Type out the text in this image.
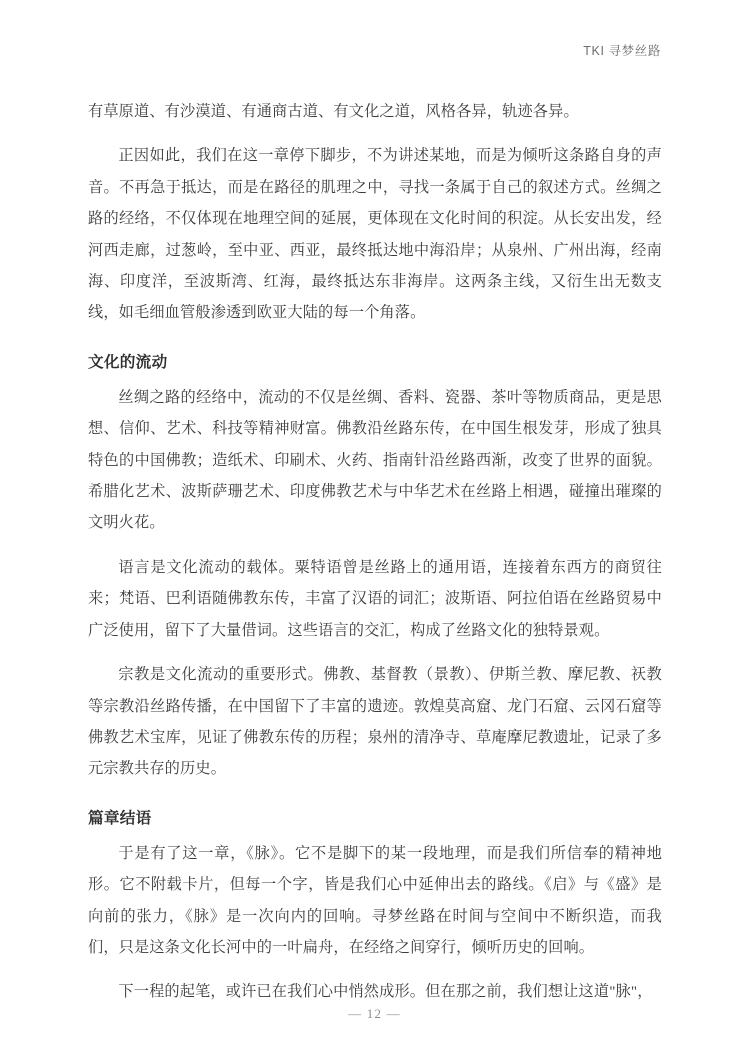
TKI 寻梦丝路

有草原道、有沙漠道、有通商古道、有文化之道，风格各异，轨迹各异。

正因如此，我们在这一章停下脚步，不为讲述某地，而是为倾听这条路自身的声音。不再急于抵达，而是在路径的肌理之中，寻找一条属于自己的叙述方式。丝绸之路的经络，不仅体现在地理空间的延展，更体现在文化时间的积淀。从长安出发，经河西走廊，过葱岭，至中亚、西亚，最终抵达地中海沿岸；从泉州、广州出海，经南海、印度洋，至波斯湾、红海，最终抵达东非海岸。这两条主线，又衍生出无数支线，如毛细血管般渗透到欧亚大陆的每一个角落。

文化的流动

丝绸之路的经络中，流动的不仅是丝绸、香料、瓷器、茶叶等物质商品，更是思想、信仰、艺术、科技等精神财富。佛教沿丝路东传，在中国生根发芽，形成了独具特色的中国佛教；造纸术、印刷术、火药、指南针沿丝路西渐，改变了世界的面貌。希腊化艺术、波斯萨珊艺术、印度佛教艺术与中华艺术在丝路上相遇，碰撞出璀璨的文明火花。

语言是文化流动的载体。粟特语曾是丝路上的通用语，连接着东西方的商贸往来；梵语、巴利语随佛教东传，丰富了汉语的词汇；波斯语、阿拉伯语在丝路贸易中广泛使用，留下了大量借词。这些语言的交汇，构成了丝路文化的独特景观。

宗教是文化流动的重要形式。佛教、基督教（景教）、伊斯兰教、摩尼教、祆教等宗教沿丝路传播，在中国留下了丰富的遗迹。敦煌莫高窟、龙门石窟、云冈石窟等佛教艺术宝库，见证了佛教东传的历程；泉州的清净寺、草庵摩尼教遗址，记录了多元宗教共存的历史。

篇章结语

于是有了这一章，《脉》。它不是脚下的某一段地理，而是我们所信奉的精神地形。它不附载卡片，但每一个字，皆是我们心中延伸出去的路线。《启》与《盛》是向前的张力，《脉》是一次向内的回响。寻梦丝路在时间与空间中不断织造，而我们，只是这条文化长河中的一叶扁舟，在经络之间穿行，倾听历史的回响。

下一程的起笔，或许已在我们心中悄然成形。但在那之前，我们想让这道"脉"，

— 12 —
